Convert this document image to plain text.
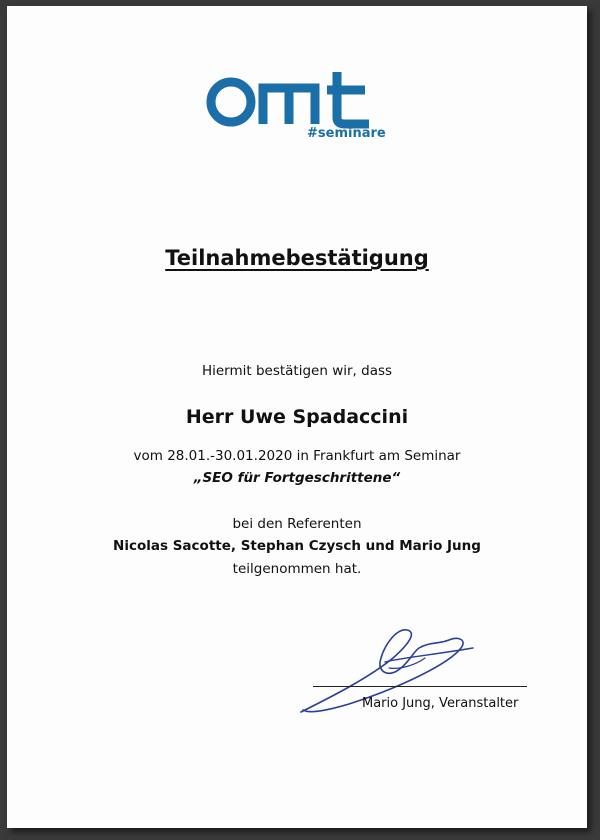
#seminare
Teilnahmebestätigung
Hiermit bestätigen wir, dass
Herr Uwe Spadaccini
vom 28.01.-30.01.2020 in Frankfurt am Seminar
„SEO für Fortgeschrittene“
bei den Referenten
Nicolas Sacotte, Stephan Czysch und Mario Jung
teilgenommen hat.
Mario Jung, Veranstalter
